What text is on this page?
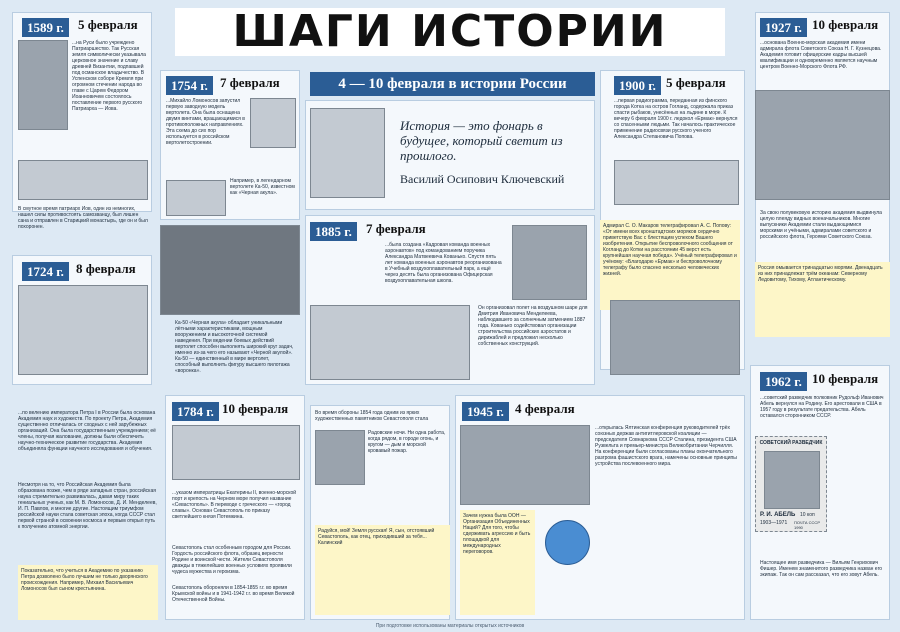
ШАГИ ИСТОРИИ
1589 г.	5 февраля
...на Руси было учреждено Патриаршество. Так Русская земля символически указывала церковное значение и славу древней Византии, подпавшей под османское владычество. В Успенском соборе Кремля при огромном стечении народа во главе с Царем Федором Иоанновичем состоялось поставление первого русского Патриарха — Иова.
В смутное время патриарх Иов, один из немногих, нашел силы противостоять самозванцу, был лишен сана и отправлен в Старицкий монастырь, где он и был похоронен.
1754 г. 7 февраля
...Михайло Ломоносов запустил первую заводную модель вертолета. Она была оснащена двумя винтами, вращающимися в противоположных направлениях. Эта схема до сих пор используется в российском вертолетостроении.
Например, в легендарном вертолете Ка-50, известном как «Черная акула».
Ка-50 «Черная акула» обладает уникальными лётными характеристиками, мощным вооружением и высокоточной системой наведения. При ведении боевых действий вертолет способен выполнять широкий круг задач, именно из-за чего его называют «Черной акулой». Ка-50 — единственный в мире вертолет, способный выполнить фигуру высшего пилотажа «воронка».
1724 г. 8 февраля
...по велению императора Петра I в России была основана Академия наук и художеств. По проекту Петра, Академия существенно отличалась от сходных с ней зарубежных организаций. Она была государственным учреждением; её члены, получая жалование, должны были обеспечить научно-техническое развитие государства. Академия объединяла функции научного исследования и обучения.
Несмотря на то, что Российская Академия была образована позже, чем в ряде западных стран, российская наука стремительно развивалась, давая миру таких гениальных ученых, как М. В. Ломоносов, Д. И. Менделеев, И. П. Павлов, и многие другие. Настоящим триумфом российской науки стала советская эпоха, когда СССР стал первой страной в освоении космоса и первым открыл путь к получению атомной энергии.
Показательно, что учиться в Академию по указанию Петра дозволено было лучшим не только дворянского происхождения. Например, Михаил Васильевич Ломоносов был сыном крестьянина.
4 — 10 февраля в истории России
История — это фонарь в будущее, который светит из прошлого.
Василий Осипович Ключевский
1885 г.	7 февраля
...была создана «Кадровая команда военных аэронавтов» под командованием поручика Александра Матвеевича Кованько. Спустя пять лет команда военных аэронавтов реорганизована в Учебный воздухоплавательный парк, а ещё через десять была организована Офицерская воздухоплавательная школа.
Он организовал полет на воздушном шаре для Дмитрия Ивановича Менделеева, наблюдавшего за солнечным затмением 1887 года. Кованько содействовал организации строительства российских аэростатов и дирижаблей и предложил несколько собственных конструкций.
1900 г. 5 февраля
...первая радиограмма, переданная из финского города Котка на остров Гогланд, содержала приказ спасти рыбаков, унесённых на льдине в море. К вечеру 6 февраля 1900 г. ледокол «Ермак» вернулся со спасенными людьми. Так началось практическое применение радиосвязи русского ученого Александра Степановича Попова.
Адмирал С. О. Макаров телеграфировал А. С. Попову: «От имени всех кронштадтских моряков сердечно приветствую Вас с блестящим успехом Вашего изобретения. Открытие беспроволочного сообщения от Когланд до Котки на расстоянии 45 верст есть крупнейшая научная победа». Учёный телеграфировал и учёному: «Благодарю «Ермак» и беспроволочному телеграфу было спасено несколько человеческих жизней.
1927 г. 10 февраля
...основана Военно-морская академия имени адмирала флота Советского Союза Н. Г. Кузнецова. Академия готовит офицерские кадры высшей квалификации и одновременно является научным центром Военно-Морского Флота РФ.
За свою полувековую историю академия выдвинула целую плеяду видных военачальников. Многие выпускники Академии стали выдающимися морскими и учёными, адмиралами советского и российского флота, Героями Советского Союза.
Россия омывается тринадцатью морями. Двенадцать из них принадлежат трём океанам: Северному Ледовитому, Тихому, Атлантическому.
1962 г. 10 февраля
...советский разведчик полковник Рудольф Иванович Абель вернулся на Родину. Его арестовали в США в 1957 году в результате предательства. Абель оставался сторонником СССР.
СОВЕТСКИЙ РАЗВЕДЧИК
Р. И. АБЕЛЬ
1903—1971
10 коп
ПОЧТА СССР 1990
Настоящее имя разведчика — Вильям Генрихович Фишер. Именем знаменитого разведчика назван его экипаж. Так он сам рассказал, что его зовут Абель.
1784 г. 10 февраля
...указом императрицы Екатерины II, военно-морской порт и крепость на Черном море получил название «Севастополь». В переводе с греческого — «город славы». Основан Севастополь по приказу светлейшего князя Потемкина.
Севастополь стал особенным городом для России. Гордость российского флота, образец верности Родине и воинской чести. Жители Севастополя дважды в тяжелейших военных условиях проявили чудеса мужества и героизма.
Севастополь обороняли в 1854-1855 г.г. во время Крымской войны и в 1941-1942 г.г. во время Великой Отечественной Войны.
Во время обороны 1854 года одним из ярких художественных памятников Севастополя стала
Радовские ночи. Ни одна работа, когда рядом, в городе огонь, и кругом — дым и морской кровавый пожар.
Радуйся, мой! Земля русская! Я, сын, отстоявший Севастополь, как отец, приходивший за тебя... Калинский
1945 г. 4 февраля
...открылась Ялтинская конференция руководителей трёх союзных держав антигитлеровской коалиции — председателя Совнаркома СССР Сталина, президента США Рузвельта и премьер-министра Великобритании Черчилля. На конференции были согласованы планы окончательного разгрома фашистского врага, намечены основные принципы устройства послевоенного мира.
Зачем нужна была ООН — Организация Объединенных Наций? Для того, чтобы сдерживать агрессию и быть площадкой для международных переговоров.
При подготовке использованы материалы открытых источников
